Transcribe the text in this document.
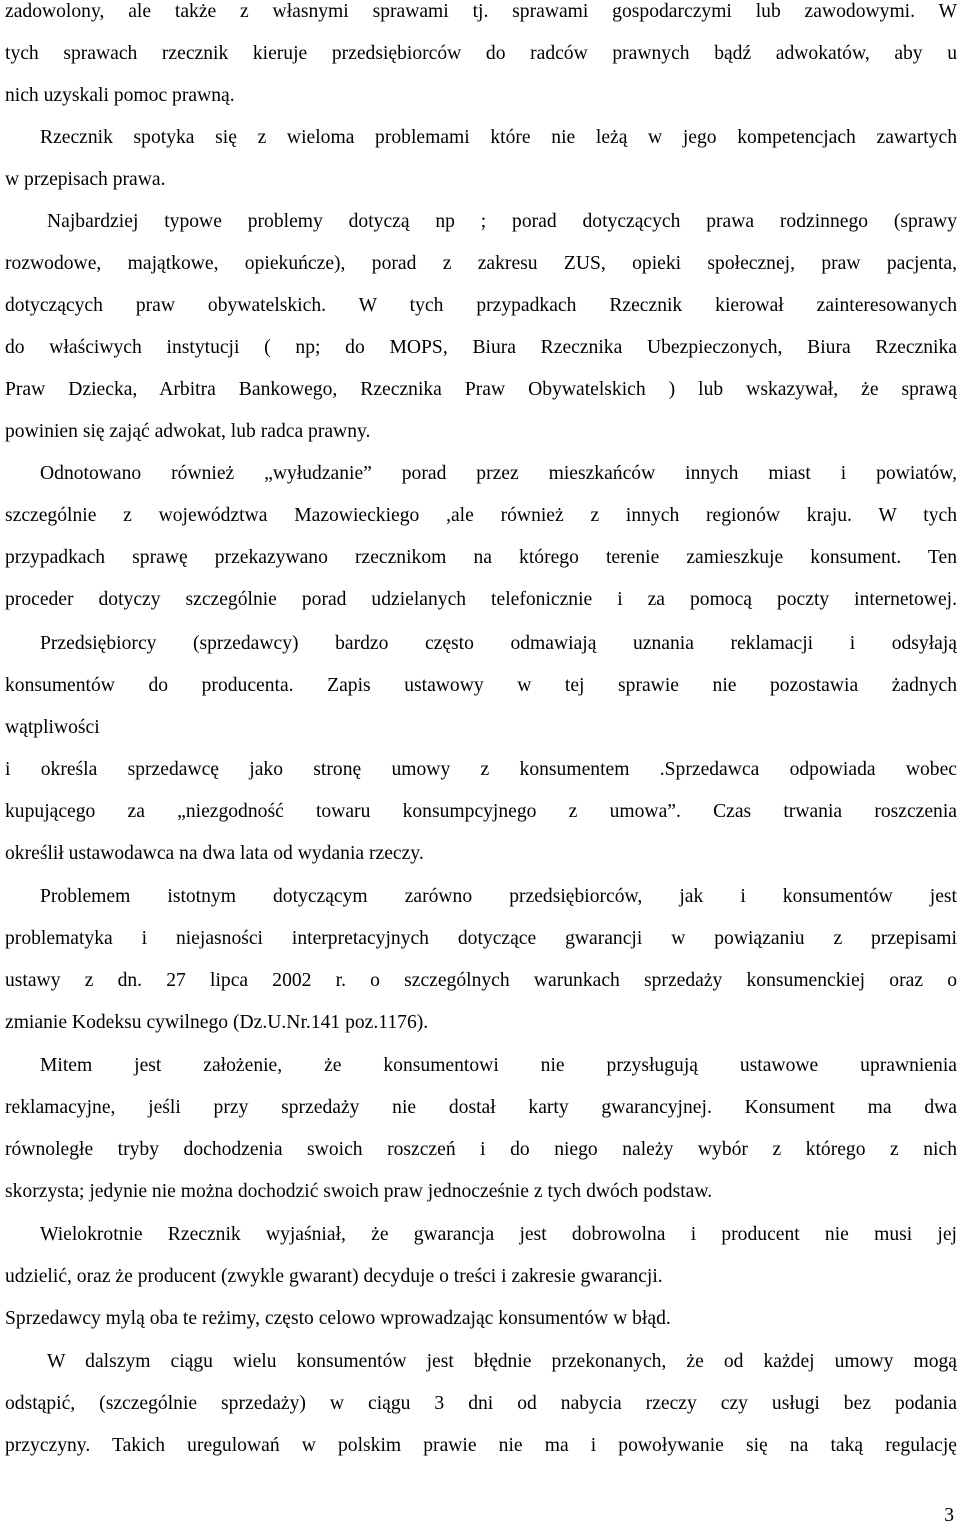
zadowolony, ale także z własnymi sprawami tj. sprawami gospodarczymi lub zawodowymi. W
tych sprawach rzecznik kieruje przedsiębiorców do radców prawnych bądź adwokatów, aby u
nich uzyskali pomoc prawną.
Rzecznik spotyka się z wieloma problemami które nie leżą w jego kompetencjach zawartych
w przepisach prawa.
Najbardziej typowe problemy dotyczą np ; porad dotyczących prawa rodzinnego (sprawy
rozwodowe, majątkowe, opiekuńcze), porad z zakresu ZUS, opieki społecznej, praw pacjenta,
dotyczących praw obywatelskich. W tych przypadkach Rzecznik kierował zainteresowanych
do właściwych instytucji ( np; do MOPS, Biura Rzecznika Ubezpieczonych, Biura Rzecznika
Praw Dziecka, Arbitra Bankowego, Rzecznika Praw Obywatelskich ) lub wskazywał, że sprawą
powinien się zająć adwokat, lub radca prawny.
Odnotowano również „wyłudzanie” porad przez mieszkańców innych miast i powiatów,
szczególnie z województwa Mazowieckiego ,ale również z innych regionów kraju. W tych
przypadkach sprawę przekazywano rzecznikom na którego terenie zamieszkuje konsument. Ten
proceder dotyczy szczególnie porad udzielanych telefonicznie i za pomocą poczty internetowej.
Przedsiębiorcy (sprzedawcy) bardzo często odmawiają uznania reklamacji i odsyłają
konsumentów do producenta. Zapis ustawowy w tej sprawie nie pozostawia żadnych
wątpliwości
i określa sprzedawcę jako stronę umowy z konsumentem .Sprzedawca odpowiada wobec
kupującego za „niezgodność towaru konsumpcyjnego z umowa”. Czas trwania roszczenia
określił ustawodawca na dwa lata od wydania rzeczy.
Problemem istotnym dotyczącym zarówno przedsiębiorców, jak i konsumentów jest
problematyka i niejasności interpretacyjnych dotyczące gwarancji w powiązaniu z przepisami
ustawy z dn. 27 lipca 2002 r. o szczególnych warunkach sprzedaży konsumenckiej oraz o
zmianie Kodeksu cywilnego (Dz.U.Nr.141 poz.1176).
Mitem jest założenie, że konsumentowi nie przysługują ustawowe uprawnienia
reklamacyjne, jeśli przy sprzedaży nie dostał karty gwarancyjnej. Konsument ma dwa
równoległe tryby dochodzenia swoich roszczeń i do niego należy wybór z którego z nich
skorzysta; jedynie nie można dochodzić swoich praw jednocześnie z tych dwóch podstaw.
Wielokrotnie Rzecznik wyjaśniał, że gwarancja jest dobrowolna i producent nie musi jej
udzielić, oraz że producent (zwykle gwarant) decyduje o treści i zakresie gwarancji.
Sprzedawcy mylą oba te reżimy, często celowo wprowadzając konsumentów w błąd.
W dalszym ciągu wielu konsumentów jest błędnie przekonanych, że od każdej umowy mogą
odstąpić, (szczególnie sprzedaży) w ciągu 3 dni od nabycia rzeczy czy usługi bez podania
przyczyny. Takich uregulowań w polskim prawie nie ma i powoływanie się na taką regulację
3
